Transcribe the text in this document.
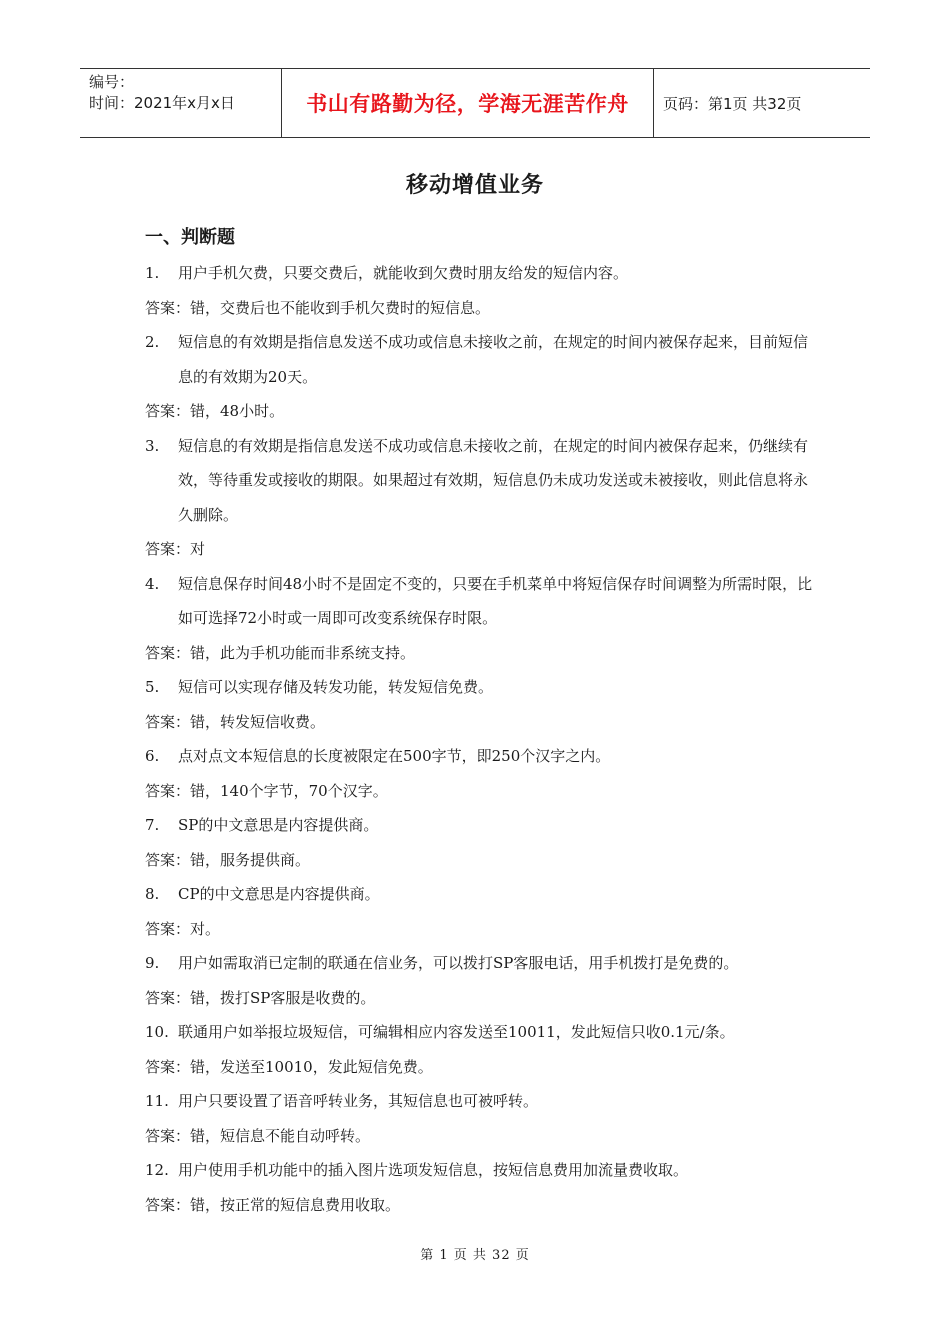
编号：
时间：2021年x月x日	书山有路勤为径，学海无涯苦作舟 页码：第1页 共32页
移动增值业务
一、判断题
1.	用户手机欠费，只要交费后，就能收到欠费时朋友给发的短信内容。
答案：错，交费后也不能收到手机欠费时的短信息。
2.	短信息的有效期是指信息发送不成功或信息未接收之前，在规定的时间内被保存起来，目前短信息的有效期为20天。
答案：错，48小时。
3.	短信息的有效期是指信息发送不成功或信息未接收之前，在规定的时间内被保存起来，仍继续有效，等待重发或接收的期限。如果超过有效期，短信息仍未成功发送或未被接收，则此信息将永久删除。
答案：对
4.	短信息保存时间48小时不是固定不变的，只要在手机菜单中将短信保存时间调整为所需时限，比如可选择72小时或一周即可改变系统保存时限。
答案：错，此为手机功能而非系统支持。
5.	短信可以实现存储及转发功能，转发短信免费。
答案：错，转发短信收费。
6.	点对点文本短信息的长度被限定在500字节，即250个汉字之内。
答案：错，140个字节，70个汉字。
7.	SP的中文意思是内容提供商。
答案：错，服务提供商。
8.	CP的中文意思是内容提供商。
答案：对。
9.	用户如需取消已定制的联通在信业务，可以拨打SP客服电话，用手机拨打是免费的。
答案：错，拨打SP客服是收费的。
10. 联通用户如举报垃圾短信，可编辑相应内容发送至10011，发此短信只收0.1元/条。
答案：错，发送至10010，发此短信免费。
11. 用户只要设置了语音呼转业务，其短信息也可被呼转。
答案：错，短信息不能自动呼转。
12. 用户使用手机功能中的插入图片选项发短信息，按短信息费用加流量费收取。
答案：错，按正常的短信息费用收取。
第 1 页 共 32 页
